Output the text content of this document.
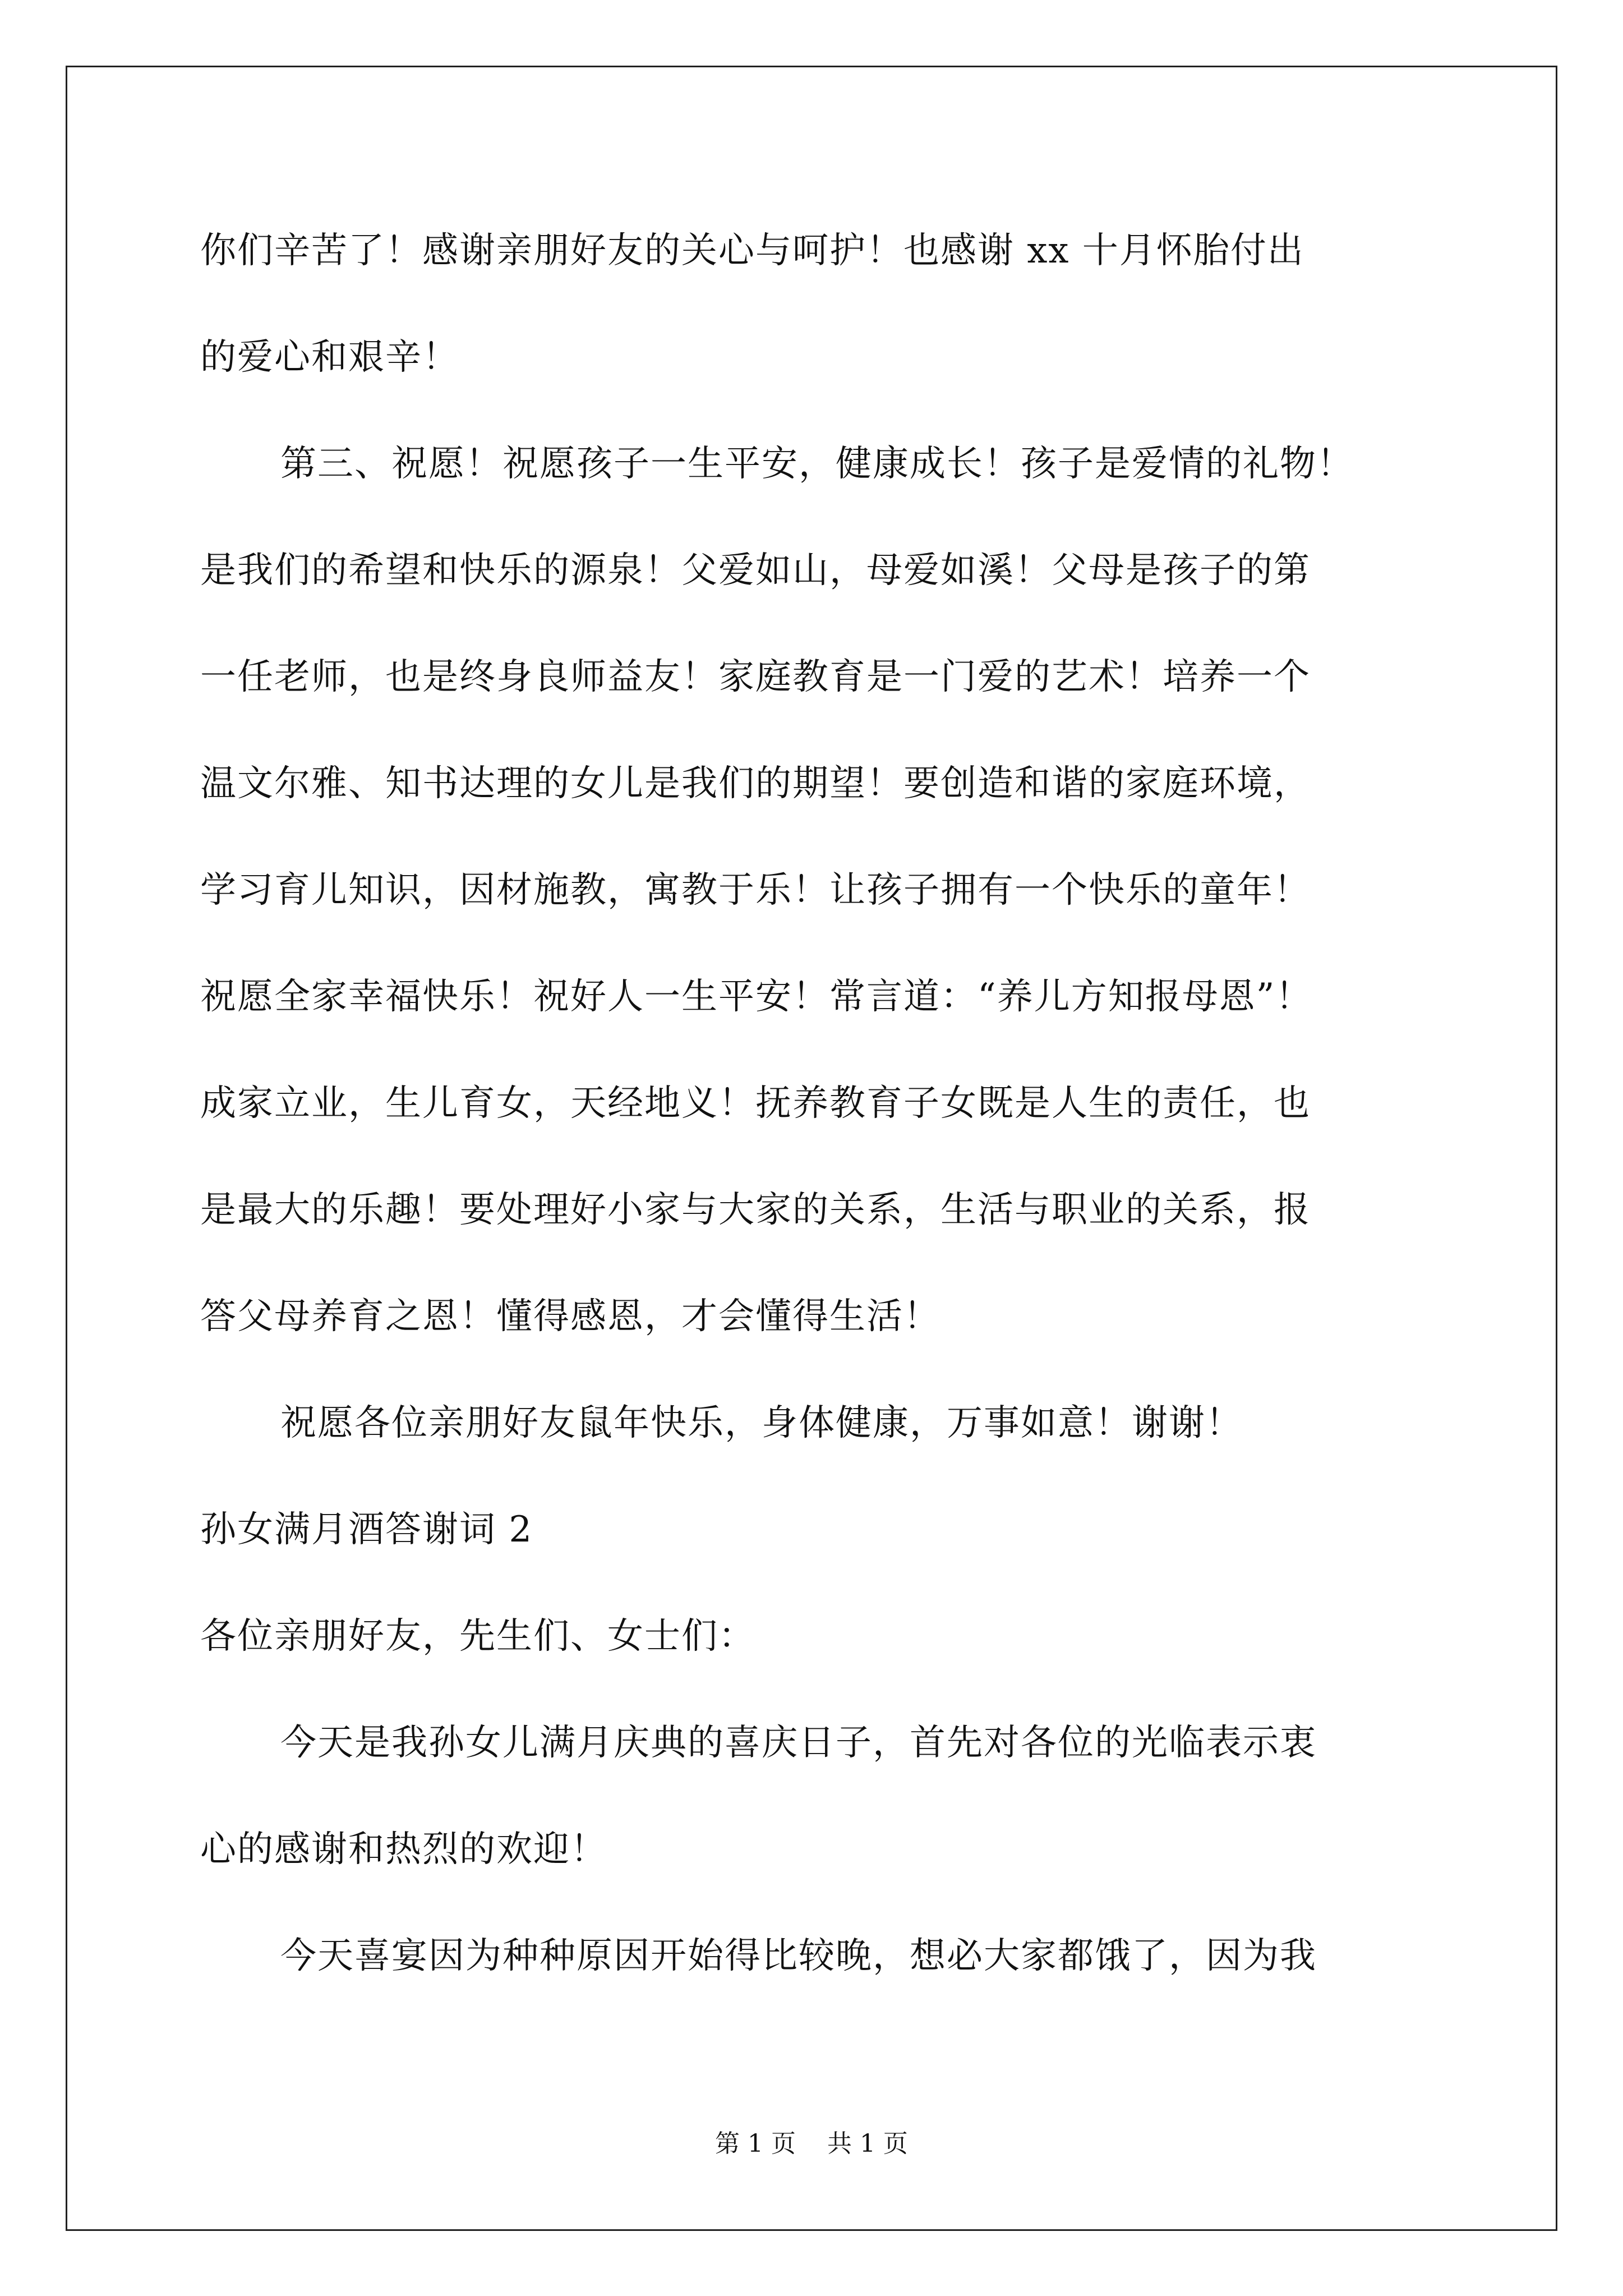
你们辛苦了！感谢亲朋好友的关心与呵护！也感谢 xx 十月怀胎付出
的爱心和艰辛！
第三、祝愿！祝愿孩子一生平安，健康成长！孩子是爱情的礼物！
是我们的希望和快乐的源泉！父爱如山，母爱如溪！父母是孩子的第
一任老师，也是终身良师益友！家庭教育是一门爱的艺术！培养一个
温文尔雅、知书达理的女儿是我们的期望！要创造和谐的家庭环境，
学习育儿知识，因材施教，寓教于乐！让孩子拥有一个快乐的童年！
祝愿全家幸福快乐！祝好人一生平安！常言道：“养儿方知报母恩”！
成家立业，生儿育女，天经地义！抚养教育子女既是人生的责任，也
是最大的乐趣！要处理好小家与大家的关系，生活与职业的关系，报
答父母养育之恩！懂得感恩，才会懂得生活！
祝愿各位亲朋好友鼠年快乐，身体健康，万事如意！谢谢！
孙女满月酒答谢词 2
各位亲朋好友，先生们、女士们：
今天是我孙女儿满月庆典的喜庆日子，首先对各位的光临表示衷
心的感谢和热烈的欢迎！
今天喜宴因为种种原因开始得比较晚，想必大家都饿了，因为我
第 1 页    共 1 页
